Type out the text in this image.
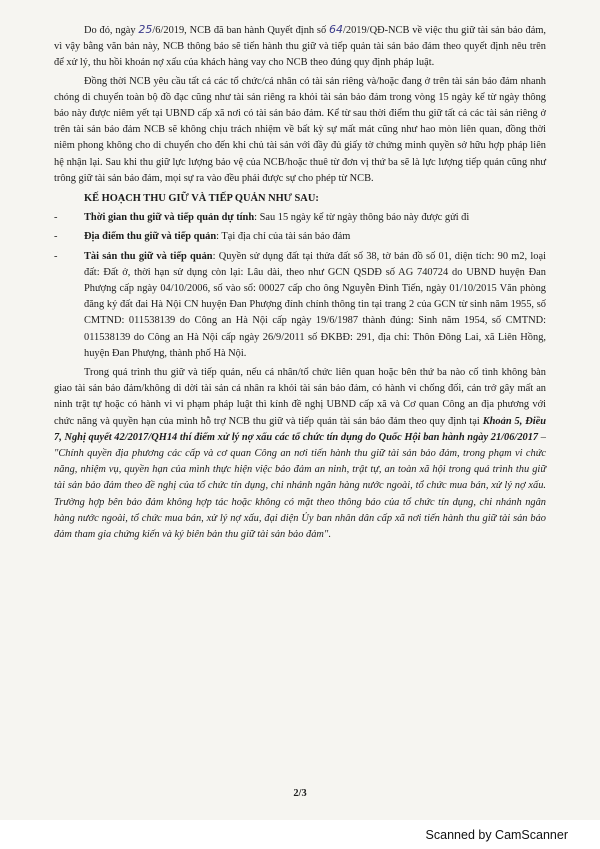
Do đó, ngày 25/6/2019, NCB đã ban hành Quyết định số 64/2019/QĐ-NCB về việc thu giữ tài sản bảo đảm, vì vậy bằng văn bản này, NCB thông báo sẽ tiến hành thu giữ và tiếp quản tài sản bảo đảm theo quyết định nêu trên để xử lý, thu hồi khoản nợ xấu của khách hàng vay cho NCB theo đúng quy định pháp luật.

Đồng thời NCB yêu cầu tất cả các tổ chức/cá nhân có tài sản riêng và/hoặc đang ở trên tài sản bảo đảm nhanh chóng di chuyển toàn bộ đồ đạc cũng như tài sản riêng ra khỏi tài sản bảo đảm trong vòng 15 ngày kể từ ngày thông báo này được niêm yết tại UBND cấp xã nơi có tài sản bảo đảm. Kể từ sau thời điểm thu giữ tất cả các tài sản riêng ở trên tài sản bảo đảm NCB sẽ không chịu trách nhiệm về bất kỳ sự mất mát cũng như hao mòn liên quan, đồng thời niêm phong không cho di chuyển cho đến khi chủ tài sản với đầy đủ giấy tờ chứng minh quyền sở hữu hợp pháp liên hệ nhận lại. Sau khi thu giữ lực lượng bảo vệ của NCB/hoặc thuê từ đơn vị thứ ba sẽ là lực lượng tiếp quản cũng như trông giữ tài sản bảo đảm, mọi sự ra vào đều phải được sự cho phép từ NCB.

KẾ HOẠCH THU GIỮ VÀ TIẾP QUẢN NHƯ SAU:

-	Thời gian thu giữ và tiếp quản dự tính: Sau 15 ngày kể từ ngày thông báo này được gửi đi
-	Địa điểm thu giữ và tiếp quản: Tại địa chỉ của tài sản bảo đảm
-	Tài sản thu giữ và tiếp quản: Quyền sử dụng đất tại thửa đất số 38, tờ bản đồ số 01, diện tích: 90 m2, loại đất: Đất ở, thời hạn sử dụng còn lại: Lâu dài, theo như GCN QSDĐ số AG 740724 do UBND huyện Đan Phượng cấp ngày 04/10/2006, số vào sổ: 00027 cấp cho ông Nguyễn Đình Tiến, ngày 01/10/2015 Văn phòng đăng ký đất đai Hà Nội CN huyện Đan Phượng đính chính thông tin tại trang 2 của GCN từ sinh năm 1955, số CMTND: 011538139 do Công an Hà Nội cấp ngày 19/6/1987 thành đúng: Sinh năm 1954, số CMTND: 011538139 do Công an Hà Nội cấp ngày 26/9/2011 số ĐKBĐ: 291, địa chỉ: Thôn Đông Lai, xã Liên Hồng, huyện Đan Phượng, thành phố Hà Nội.

Trong quá trình thu giữ và tiếp quản, nếu cá nhân/tổ chức liên quan hoặc bên thứ ba nào cố tình không bàn giao tài sản bảo đảm/không di dời tài sản cá nhân ra khỏi tài sản bảo đảm, có hành vi chống đối, cản trở gây mất an ninh trật tự hoặc có hành vi vi phạm pháp luật thì kính đề nghị UBND cấp xã và Cơ quan Công an địa phương với chức năng và quyền hạn của mình hỗ trợ NCB thu giữ và tiếp quản tài sản bảo đảm theo quy định tại Khoản 5, Điều 7, Nghị quyết 42/2017/QH14 thí điểm xử lý nợ xấu các tổ chức tín dụng do Quốc Hội ban hành ngày 21/06/2017 – "Chính quyền địa phương các cấp và cơ quan Công an nơi tiến hành thu giữ tài sản bảo đảm, trong phạm vi chức năng, nhiệm vụ, quyền hạn của mình thực hiện việc bảo đảm an ninh, trật tự, an toàn xã hội trong quá trình thu giữ tài sản bảo đảm theo đề nghị của tổ chức tín dụng, chi nhánh ngân hàng nước ngoài, tổ chức mua bán, xử lý nợ xấu. Trường hợp bên bảo đảm không hợp tác hoặc không có mặt theo thông báo của tổ chức tín dụng, chi nhánh ngân hàng nước ngoài, tổ chức mua bán, xử lý nợ xấu, đại diện Ủy ban nhân dân cấp xã nơi tiến hành thu giữ tài sản bảo đảm tham gia chứng kiến và ký biên bản thu giữ tài sản bảo đảm".

2/3
Scanned by CamScanner
